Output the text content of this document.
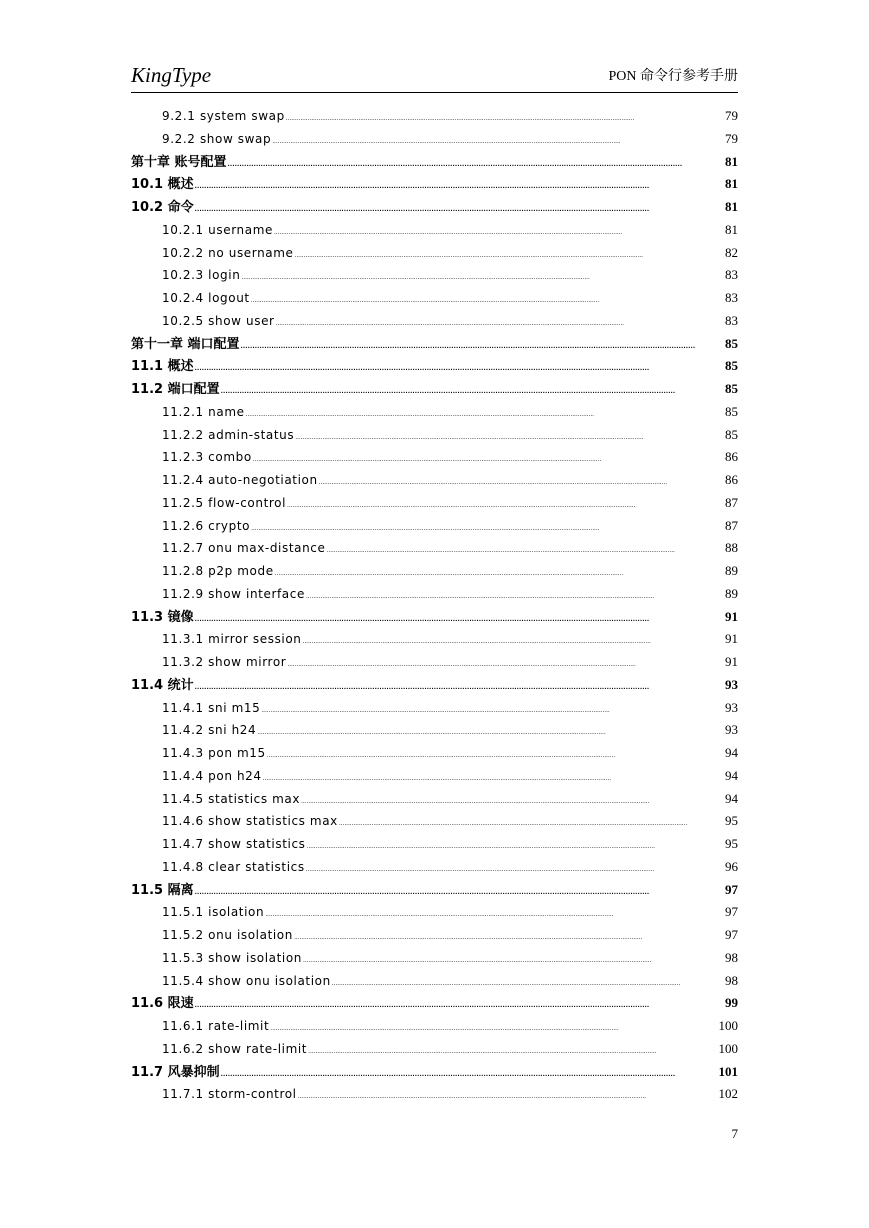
KingType	PON 命令行参考手册
9.2.1 system swap . . .	79
9.2.2 show swap . . .	79
第十章 账号配置 . . .	81
10.1 概述 . . .	81
10.2 命令 . . .	81
10.2.1 username . . .	81
10.2.2 no username . . .	82
10.2.3 login . . .	83
10.2.4 logout . . .	83
10.2.5 show user . . .	83
第十一章 端口配置 . . .	85
11.1 概述 . . .	85
11.2 端口配置 . . .	85
11.2.1 name . . .	85
11.2.2 admin-status . . .	85
11.2.3 combo . . .	86
11.2.4 auto-negotiation . . .	86
11.2.5 flow-control . . .	87
11.2.6 crypto . . .	87
11.2.7 onu max-distance . . .	88
11.2.8 p2p mode . . .	89
11.2.9 show interface . . .	89
11.3 镜像 . . .	91
11.3.1 mirror session . . .	91
11.3.2 show mirror . . .	91
11.4 统计 . . .	93
11.4.1 sni m15 . . .	93
11.4.2 sni h24 . . .	93
11.4.3 pon m15 . . .	94
11.4.4 pon h24 . . .	94
11.4.5 statistics max . . .	94
11.4.6 show statistics max . . .	95
11.4.7 show statistics . . .	95
11.4.8 clear statistics . . .	96
11.5 隔离 . . .	97
11.5.1 isolation . . .	97
11.5.2 onu isolation . . .	97
11.5.3 show isolation . . .	98
11.5.4 show onu isolation . . .	98
11.6 限速 . . .	99
11.6.1 rate-limit . . .	100
11.6.2 show rate-limit . . .	100
11.7 风暴抑制 . . .	101
11.7.1 storm-control . . .	102
7
